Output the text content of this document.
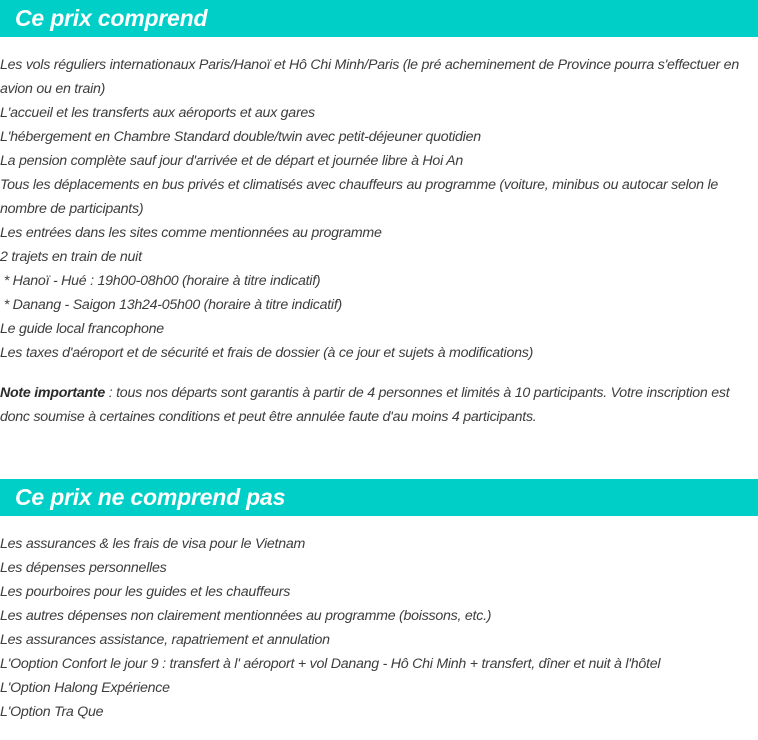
Ce prix comprend
Les vols réguliers internationaux Paris/Hanoï et Hô Chi Minh/Paris (le pré acheminement de Province pourra s'effectuer en avion ou en train)
L'accueil et les transferts aux aéroports et aux gares
L'hébergement en Chambre Standard double/twin avec petit-déjeuner quotidien
La pension complète sauf jour d'arrivée et de départ et journée libre à Hoi An
Tous les déplacements en bus privés et climatisés avec chauffeurs au programme (voiture, minibus ou autocar selon le nombre de participants)
Les entrées dans les sites comme mentionnées au programme
2 trajets en train de nuit
* Hanoï - Hué : 19h00-08h00 (horaire à titre indicatif)
* Danang - Saigon 13h24-05h00 (horaire à titre indicatif)
Le guide local francophone
Les taxes d'aéroport et de sécurité et frais de dossier (à ce jour et sujets à modifications)

Note importante : tous nos départs sont garantis à partir de 4 personnes et limités à 10 participants. Votre inscription est donc soumise à certaines conditions et peut être annulée faute d'au moins 4 participants.

Ce prix ne comprend pas
Les assurances & les frais de visa pour le Vietnam
Les dépenses personnelles
Les pourboires pour les guides et les chauffeurs
Les autres dépenses non clairement mentionnées au programme (boissons, etc.)
Les assurances assistance, rapatriement et annulation
L'Ooption Confort le jour 9 : transfert à l' aéroport + vol Danang - Hô Chi Minh + transfert, dîner et nuit à l'hôtel
L'Option Halong Expérience
L'Option Tra Que
